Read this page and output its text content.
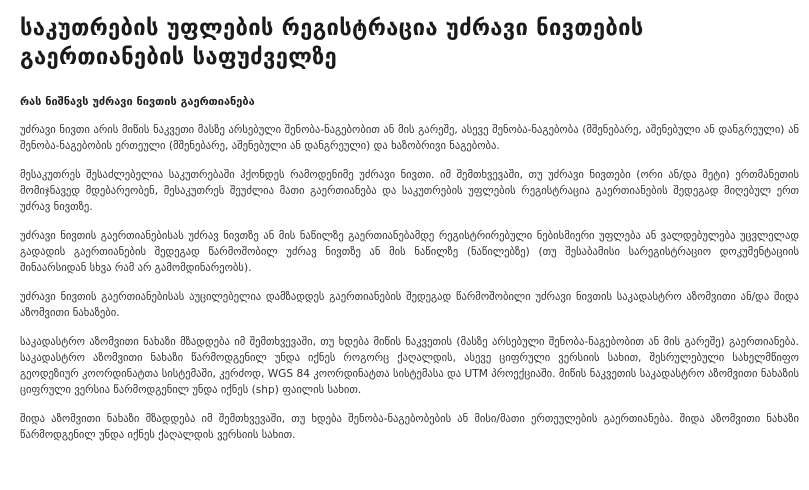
საკუთრების უფლების რეგისტრაცია უძრავი ნივთების გაერთიანების საფუძველზე
რას ნიშნავს უძრავი ნივთის გაერთიანება

უძრავი ნივთი არის მიწის ნაკვეთი მასზე არსებული შენობა-ნაგებობით ან მის გარეშე, ასევე შენობა-ნაგებობა (მშენებარე, აშენებული ან დანგრეული) ან შენობა-ნაგებობის ერთეული (მშენებარე, აშენებული ან დანგრეული) და ხაზობრივი ნაგებობა.

მესაკუთრეს შესაძლებელია საკუთრებაში ჰქონდეს რამოდენიმე უძრავი ნივთი. იმ შემთხვევაში, თუ უძრავი ნივთები (ორი ან/და მეტი) ერთმანეთის მომიჯნავედ მდებარეობენ, მესაკუთრეს შეუძლია მათი გაერთიანება და საკუთრების უფლების რეგისტრაცია გაერთიანების შედეგად მიღებულ ერთ უძრავ ნივთზე.

უძრავი ნივთის გაერთიანებისას უძრავ ნივთზე ან მის ნაწილზე გაერთიანებამდე რეგისტრირებული ნებისმიერი უფლება ან ვალდებულება უცვლელად გადადის გაერთიანების შედეგად წარმოშობილ უძრავ ნივთზე ან მის ნაწილზე (ნაწილებზე) (თუ შესაბამისი სარეგისტრაციო დოკუმენტაციის შინაარსიდან სხვა რამ არ გამომდინარეობს).

უძრავი ნივთის გაერთიანებისას აუცილებელია დამზადდეს გაერთიანების შედეგად წარმოშობილი უძრავი ნივთის საკადასტრო აზომვითი ან/და შიდა აზომვითი ნახაზები.

საკადასტრო აზომვითი ნახაზი მზადდება იმ შემთხვევაში, თუ ხდება მიწის ნაკვეთის (მასზე არსებული შენობა-ნაგებობით ან მის გარეშე) გაერთიანება. საკადასტრო აზომვითი ნახაზი წარმოდგენილ უნდა იქნეს როგორც ქაღალდის, ასევე ციფრული ვერსიის სახით, შესრულებული სახელმწიფო გეოდეზიურ კოორდინატთა სისტემაში, კერძოდ, WGS 84 კოორდინატთა სისტემასა და UTM პროექციაში. მიწის ნაკვეთის საკადასტრო აზომვითი ნახაზის ციფრული ვერსია წარმოდგენილ უნდა იქნეს (shp) ფაილის სახით.

შიდა აზომვითი ნახაზი მზადდება იმ შემთხვევაში, თუ ხდება შენობა-ნაგებობების ან მისი/მათი ერთეულების გაერთიანება. შიდა აზომვითი ნახაზი წარმოდგენილ უნდა იქნეს ქაღალდის ვერსიის სახით.
